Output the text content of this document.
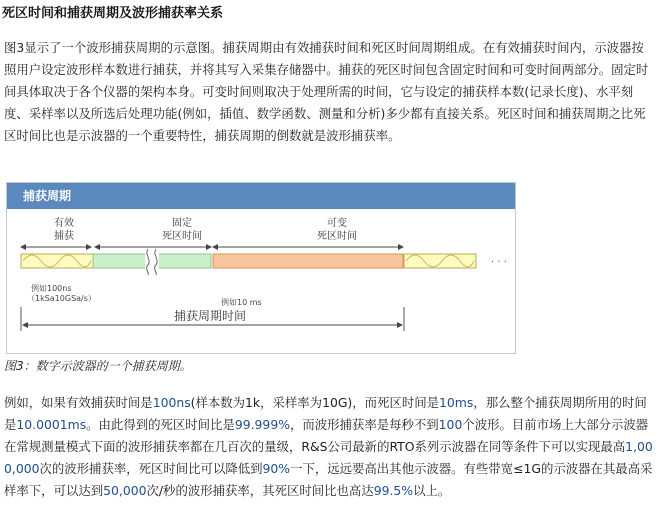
死区时间和捕获周期及波形捕获率关系
图3显示了一个波形捕获周期的示意图。捕获周期由有效捕获时间和死区时间周期组成。在有效捕获时间内，示波器按照用户设定波形样本数进行捕获，并将其写入采集存储器中。捕获的死区时间包含固定时间和可变时间两部分。固定时间具体取决于各个仪器的架构本身。可变时间则取决于处理所需的时间，它与设定的捕获样本数(记录长度)、水平刻度、采样率以及所选后处理功能(例如，插值、数学函数、测量和分析)多少都有直接关系。死区时间和捕获周期之比死区时间比也是示波器的一个重要特性，捕获周期的倒数就是波形捕获率。
捕获周期
有效
捕获
固定
死区时间
可变
死区时间
· · ·
例如100ns
（1kSa10GSa/s）	例如10 ms
捕获周期时间
图3：数字示波器的一个捕获周期。
例如，如果有效捕获时间是100ns(样本数为1k，采样率为10G)，而死区时间是10ms，那么整个捕获周期所用的时间是10.0001ms。由此得到的死区时间比是99.999%，而波形捕获率是每秒不到100个波形。目前市场上大部分示波器在常规测量模式下面的波形捕获率都在几百次的量级，R&S公司最新的RTO系列示波器在同等条件下可以实现最高1,000,000次的波形捕获率，死区时间比可以降低到90%一下，远远要高出其他示波器。有些带宽≤1G的示波器在其最高采样率下，可以达到50,000次/秒的波形捕获率，其死区时间比也高达99.5%以上。
